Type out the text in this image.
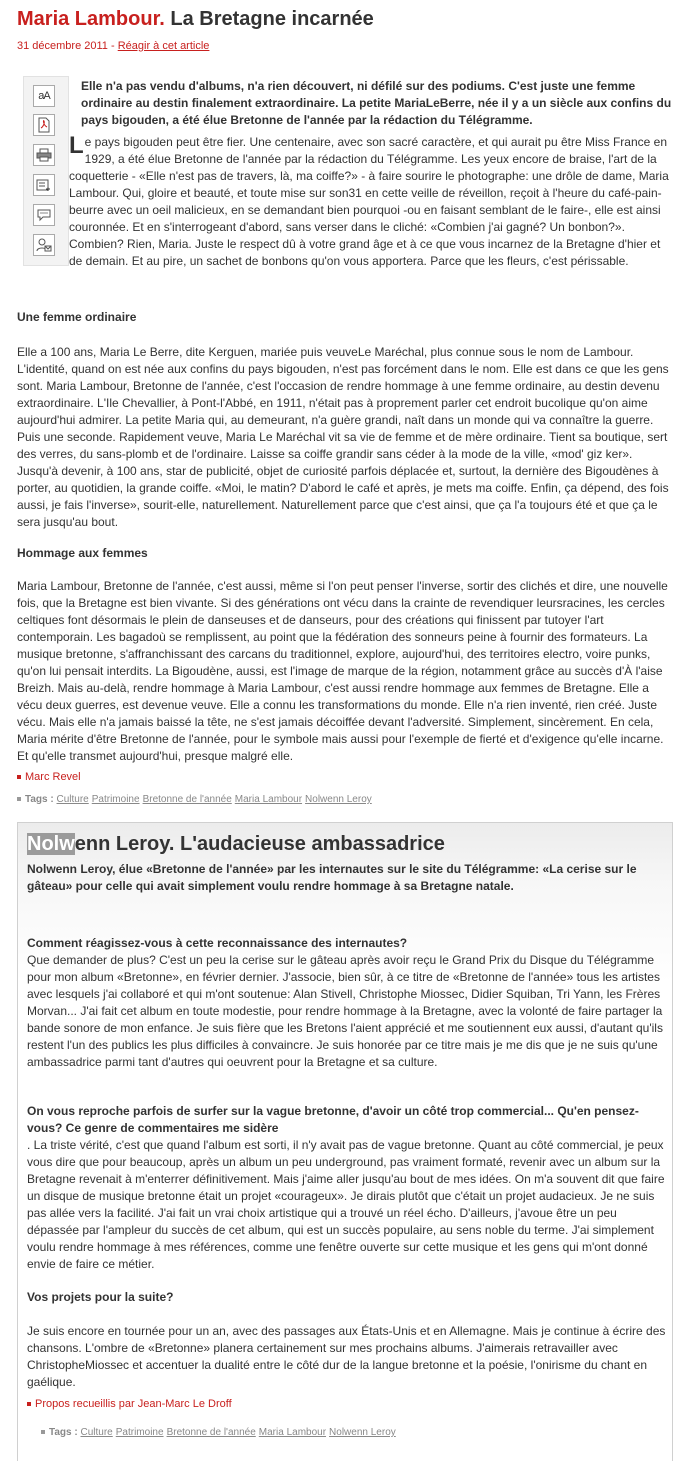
Maria Lambour. La Bretagne incarnée
31 décembre 2011 - Réagir à cet article
aA
Elle n'a pas vendu d'albums, n'a rien découvert, ni défilé sur des podiums. C'est juste une femme ordinaire au destin finalement extraordinaire. La petite MariaLeBerre, née il y a un siècle aux confins du pays bigouden, a été élue Bretonne de l'année par la rédaction du Télégramme.
Le pays bigouden peut être fier. Une centenaire, avec son sacré caractère, et qui aurait pu être Miss France en 1929, a été élue Bretonne de l'année par la rédaction du Télégramme. Les yeux encore de braise, l'art de la coquetterie - «Elle n'est pas de travers, là, ma coiffe?» - à faire sourire le photographe: une drôle de dame, Maria Lambour. Qui, gloire et beauté, et toute mise sur son31 en cette veille de réveillon, reçoit à l'heure du café-pain-beurre avec un oeil malicieux, en se demandant bien pourquoi -ou en faisant semblant de le faire-, elle est ainsi couronnée. Et en s'interrogeant d'abord, sans verser dans le cliché: «Combien j'ai gagné? Un bonbon?». Combien? Rien, Maria. Juste le respect dû à votre grand âge et à ce que vous incarnez de la Bretagne d'hier et de demain. Et au pire, un sachet de bonbons qu'on vous apportera. Parce que les fleurs, c'est périssable.
Une femme ordinaire
Elle a 100 ans, Maria Le Berre, dite Kerguen, mariée puis veuveLe Maréchal, plus connue sous le nom de Lambour. L'identité, quand on est née aux confins du pays bigouden, n'est pas forcément dans le nom. Elle est dans ce que les gens sont. Maria Lambour, Bretonne de l'année, c'est l'occasion de rendre hommage à une femme ordinaire, au destin devenu extraordinaire. L'Ile Chevallier, à Pont-l'Abbé, en 1911, n'était pas à proprement parler cet endroit bucolique qu'on aime aujourd'hui admirer. La petite Maria qui, au demeurant, n'a guère grandi, naît dans un monde qui va connaître la guerre. Puis une seconde. Rapidement veuve, Maria Le Maréchal vit sa vie de femme et de mère ordinaire. Tient sa boutique, sert des verres, du sans-plomb et de l'ordinaire. Laisse sa coiffe grandir sans céder à la mode de la ville, «mod' giz ker». Jusqu'à devenir, à 100 ans, star de publicité, objet de curiosité parfois déplacée et, surtout, la dernière des Bigoudènes à porter, au quotidien, la grande coiffe. «Moi, le matin? D'abord le café et après, je mets ma coiffe. Enfin, ça dépend, des fois aussi, je fais l'inverse», sourit-elle, naturellement. Naturellement parce que c'est ainsi, que ça l'a toujours été et que ça le sera jusqu'au bout.
Hommage aux femmes
Maria Lambour, Bretonne de l'année, c'est aussi, même si l'on peut penser l'inverse, sortir des clichés et dire, une nouvelle fois, que la Bretagne est bien vivante. Si des générations ont vécu dans la crainte de revendiquer leursracines, les cercles celtiques font désormais le plein de danseuses et de danseurs, pour des créations qui finissent par tutoyer l'art contemporain. Les bagadoù se remplissent, au point que la fédération des sonneurs peine à fournir des formateurs. La musique bretonne, s'affranchissant des carcans du traditionnel, explore, aujourd'hui, des territoires electro, voire punks, qu'on lui pensait interdits. La Bigoudène, aussi, est l'image de marque de la région, notamment grâce au succès d'À l'aise Breizh. Mais au-delà, rendre hommage à Maria Lambour, c'est aussi rendre hommage aux femmes de Bretagne. Elle a vécu deux guerres, est devenue veuve. Elle a connu les transformations du monde. Elle n'a rien inventé, rien créé. Juste vécu. Mais elle n'a jamais baissé la tête, ne s'est jamais décoiffée devant l'adversité. Simplement, sincèrement. En cela, Maria mérite d'être Bretonne de l'année, pour le symbole mais aussi pour l'exemple de fierté et d'exigence qu'elle incarne. Et qu'elle transmet aujourd'hui, presque malgré elle.
Marc Revel
Tags : Culture Patrimoine Bretonne de l'année Maria Lambour Nolwenn Leroy
Nolwenn Leroy. L'audacieuse ambassadrice
Nolwenn Leroy, élue «Bretonne de l'année» par les internautes sur le site du Télégramme: «La cerise sur le gâteau» pour celle qui avait simplement voulu rendre hommage à sa Bretagne natale.
Comment réagissez-vous à cette reconnaissance des internautes?
Que demander de plus? C'est un peu la cerise sur le gâteau après avoir reçu le Grand Prix du Disque du Télégramme pour mon album «Bretonne», en février dernier. J'associe, bien sûr, à ce titre de «Bretonne de l'année» tous les artistes avec lesquels j'ai collaboré et qui m'ont soutenue: Alan Stivell, Christophe Miossec, Didier Squiban, Tri Yann, les Frères Morvan... J'ai fait cet album en toute modestie, pour rendre hommage à la Bretagne, avec la volonté de faire partager la bande sonore de mon enfance. Je suis fière que les Bretons l'aient apprécié et me soutiennent eux aussi, d'autant qu'ils restent l'un des publics les plus difficiles à convaincre. Je suis honorée par ce titre mais je me dis que je ne suis qu'une ambassadrice parmi tant d'autres qui oeuvrent pour la Bretagne et sa culture.
On vous reproche parfois de surfer sur la vague bretonne, d'avoir un côté trop commercial... Qu'en pensez-vous? Ce genre de commentaires me sidère
. La triste vérité, c'est que quand l'album est sorti, il n'y avait pas de vague bretonne. Quant au côté commercial, je peux vous dire que pour beaucoup, après un album un peu underground, pas vraiment formaté, revenir avec un album sur la Bretagne revenait à m'enterrer définitivement. Mais j'aime aller jusqu'au bout de mes idées. On m'a souvent dit que faire un disque de musique bretonne était un projet «courageux». Je dirais plutôt que c'était un projet audacieux. Je ne suis pas allée vers la facilité. J'ai fait un vrai choix artistique qui a trouvé un réel écho. D'ailleurs, j'avoue être un peu dépassée par l'ampleur du succès de cet album, qui est un succès populaire, au sens noble du terme. J'ai simplement voulu rendre hommage à mes références, comme une fenêtre ouverte sur cette musique et les gens qui m'ont donné envie de faire ce métier.
Vos projets pour la suite?
Je suis encore en tournée pour un an, avec des passages aux États-Unis et en Allemagne. Mais je continue à écrire des chansons. L'ombre de «Bretonne» planera certainement sur mes prochains albums. J'aimerais retravailler avec ChristopheMiossec et accentuer la dualité entre le côté dur de la langue bretonne et la poésie, l'onirisme du chant en gaélique.
Propos recueillis par Jean-Marc Le Droff
Tags : Culture Patrimoine Bretonne de l'année Maria Lambour Nolwenn Leroy
